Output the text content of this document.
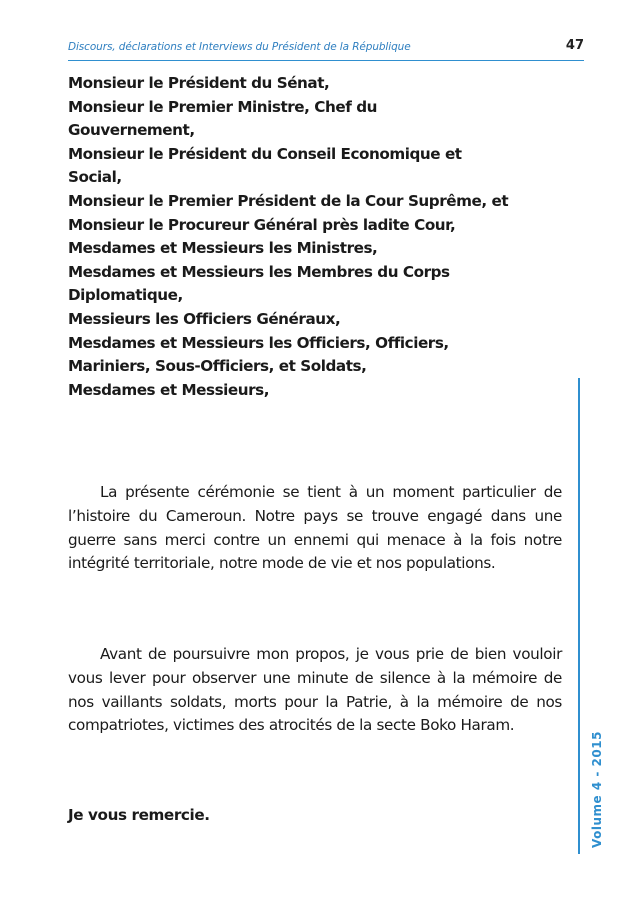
Discours, déclarations et Interviews du Président de la République	47
Monsieur le Président du Sénat,
Monsieur le Premier Ministre, Chef du
Gouvernement,
Monsieur le Président du Conseil Economique et
Social,
Monsieur le Premier Président de la Cour Suprême, et
Monsieur le Procureur Général près ladite Cour,
Mesdames et Messieurs les Ministres,
Mesdames et Messieurs les Membres du Corps
Diplomatique,
Messieurs les Officiers Généraux,
Mesdames et Messieurs les Officiers, Officiers,
Mariniers, Sous-Officiers, et Soldats,
Mesdames et Messieurs,

La présente cérémonie se tient à un moment particulier de l’histoire du Cameroun. Notre pays se trouve engagé dans une guerre sans merci contre un ennemi qui menace à la fois notre intégrité territoriale, notre mode de vie et nos populations.

Avant de poursuivre mon propos, je vous prie de bien vouloir vous lever pour observer une minute de silence à la mémoire de nos vaillants soldats, morts pour la Patrie, à la mémoire de nos compatriotes, victimes des atrocités de la secte Boko Haram.

Je vous remercie.	Volume 4 - 2015
